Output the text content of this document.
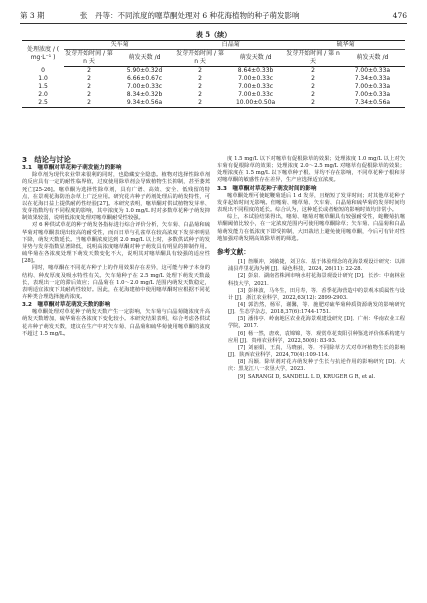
第 3 期	张　丹等：不同浓度的噻草酮处理对 6 种花海植物的种子萌发影响	476
表 5（续）
处理浓度 / ( mg·L⁻¹ )	矢车菊		白晶菊		硫华菊	
	发芽开始时间 / 第 n 天	萌发天数 /d	发芽开始时间 / 第 n 天	萌发天数 /d	发芽开始时间 / 第 n 天	萌发天数 /d
0	2	5.90±0.32d	2	8.64±0.33b	2	7.00±0.33a
1.0	2	6.66±0.67c	2	7.00±0.33c	2	7.34±0.33a
1.5	2	7.00±0.33c	2	7.00±0.33c	2	7.00±0.33a
2.0	2	8.34±0.32b	2	7.00±0.33c	2	7.00±0.33a
2.5	2	9.34±0.56a	2	10.00±0.50a	2	7.34±0.56a

3　结论与讨论

3.1　噻草酮对草花种子萌发能力的影响

除草剂为现代农业带来很利的同时，也隐藏安全隐患。植物对选择性除草剂的反应具有一定的耐性临界值，过度使用除草剂会导致植物生长抑制，甚至萎蔫死亡[25-26]。噻草酮为选择性除草剂，具有广谱、高效、安全、低残留的特点，在景观花海防治杂草上广泛应用。研究花卉种子药剂处理后的萌发特性，可以在花海日益上提供耐药性经验[27]。本研究表明，噻草酮对供试植物发芽率、发芽指数均有不同程度的影响，其中浓度为 1.0 mg/L 时对多数草花种子萌发抑制效果较弱，说明低浓度处理对噻草酮耐受性较强。

对 6 种供试草花的种子萌发各指标进行综合评价分析，矢车菊、白晶菊和硫华菊对噻草酮表现出较高的耐受性，而百日草与孔雀草在较高浓度下发芽率明显下降，萌发天数延长。当噻草酮浓度达到 2.0 mg/L 以上时，多数供试种子的发芽势与发芽指数显著降低，说明高浓度噻草酮对种子萌发具有明显的抑制作用。硫华菊在各浓度处理下萌发天数变化不大，说明其对噻草酮具有较强的适应性[28]。

同时，噻草酮在不同花卉种子上的作用效果存在差异，这可能与种子本身的结构、种皮厚度及吸水特性有关。矢车菊种子在 2.5 mg/L 处理下萌发天数最长，表现出一定的滞后效应；白晶菊在 1.0～2.0 mg/L 范围内萌发天数稳定，表明适宜浓度下其耐药性较好。因此，在花海建植中使用噻草酮时应根据不同花卉种类合理选择施药浓度。

3.2　噻草酮对草花萌发天数的影响

噻草酮处理对草花种子萌发天数产生一定影响，矢车菊与白晶菊随浓度升高萌发天数增加，硫华菊在各浓度下变化较小。本研究结果表明，综合考虑各供试花卉种子萌发天数，建议在生产中对矢车菊、白晶菊和硫华菊使用噻草酮的浓度不超过 1.5 mg/L。

度 1.5 mg/L 以下对噻草有促根除草的效果；处理浓度 1.0 mg/L 以上对矢车菊有促根除草的效果；处理浓度 2.0～2.5 mg/L 对噻草有促根除草的效果；处理浓度在 1.5 mg/L 以下噻草种子根、芽均不存在影响，不同草花种子根和芽对噻草酮的敏感性存在差异，生产应选择适宜浓度。

3.3　噻草酮对草花种子萌发时间的影响

噻草酮处理可使蛇鞭菊延后 1 d 发芽，且缩短了发芽时间；对其他草花种子发芽起始时间无影响。但噻菊、噻草菊、矢车菊、白晶菊和硫华菊的发芽时间均表现出不同程度的延长。综合认为，这种延长或者缩短的影响时效均非常小。

综上，本试验结果得出，噻菊、噻菊对噻草酮具有较强耐受性，蛇鞭菊抗噻草酮阈值比较小，在一定浓度范围内可使用噻草酮除草；矢车菊、白晶菊和白晶菊萌发能力在低浓度下即受抑制，大田栽培上避免使用噻草酮，今后可有针对性地加强对萌发期高效除草剂的筛选。

参考文献：

[1]  詹顺冲，刘敏捷，刘卫东．基于体验理念的花海景观设计研究：以漳浦县芹里花海为例 [J]．绿色科技，2024, 26(11): 22-28.

[2]  彭泉．湖南省株洲市响水村花海景观设计研究 [D]．长沙：中南林业科技大学，2021.

[3]  彭林波，马冬生，田月寿，等．香季花海营造中的景观本质属性与设计 [J]．浙江农业科学，2022,63(12): 2899-2903.

[4]  郭浩然，杨军，谢馨，等．施肥对硫华菊种质资源萌发的影响研究 [J]．生态学杂志，2018,37(6):1744-1751.

[5]  潘伟亭．岭南地区农业花海景观建设研究 [D]．广州：华南农业工程学院，2017.

[6]  杨一然，唐欢，袁锦锦，等．观赏草花贵阳引种鉴选评价体系构建与应用 [J]．贵州农业科学，2022,50(6): 83-93.

[7]  刘丽娟，王真，马晓丽，等．不同除草方式对草坪植物生长的影响 [J]．陕西农业科学，2024,70(4):109-114.

[8]  冯颖．除草剂对花卉萌发种子生长与抗逆作用的影响研究 [D]．大庆：黑龙江八一农垦大学，2023.

[9]  SARANGI D, SANDELL L D, KRUGER G R, et al.
